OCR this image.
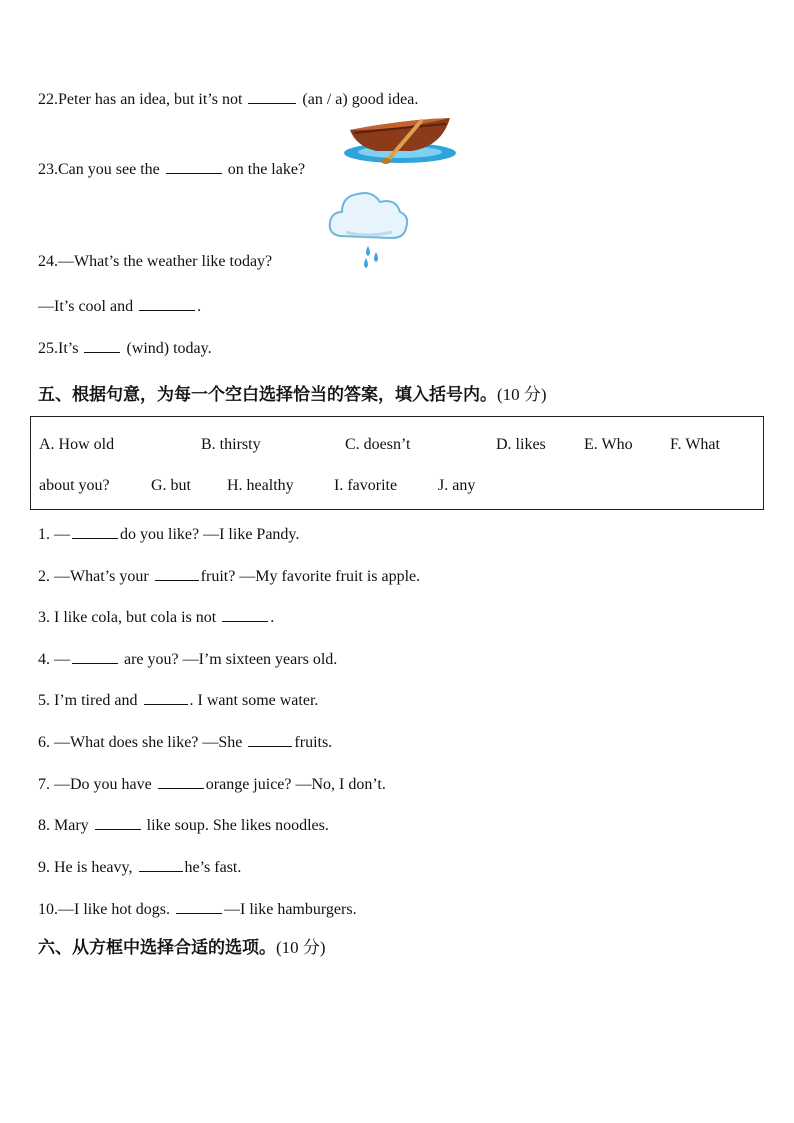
22.Peter has an idea, but it’s not	(an / a) good idea.
23.Can you see the	on the lake?
24.—What’s the weather like today?
—It’s cool and	.
25.It’s	(wind) today.
五、根据句意，为每一个空白选择恰当的答案，填入括号内。(10 分)
A. How old	B. thirsty	C. doesn’t	D. likes E. Who F. What
about you?	G. but H. healthy	I. favorite	J. any
1. —	do you like? —I like Pandy.
2. —What’s your	fruit? —My favorite fruit is apple.
3. I like cola, but cola is not	.
4. —	are you? —I’m sixteen years old.
5. I’m tired and	. I want some water.
6. —What does she like? —She	fruits.
7. —Do you have	orange juice? —No, I don’t.
8. Mary	like soup. She likes noodles.
9. He is heavy,	he’s fast.
10.—I like hot dogs.	—I like hamburgers.
六、从方框中选择合适的选项。(10 分)
